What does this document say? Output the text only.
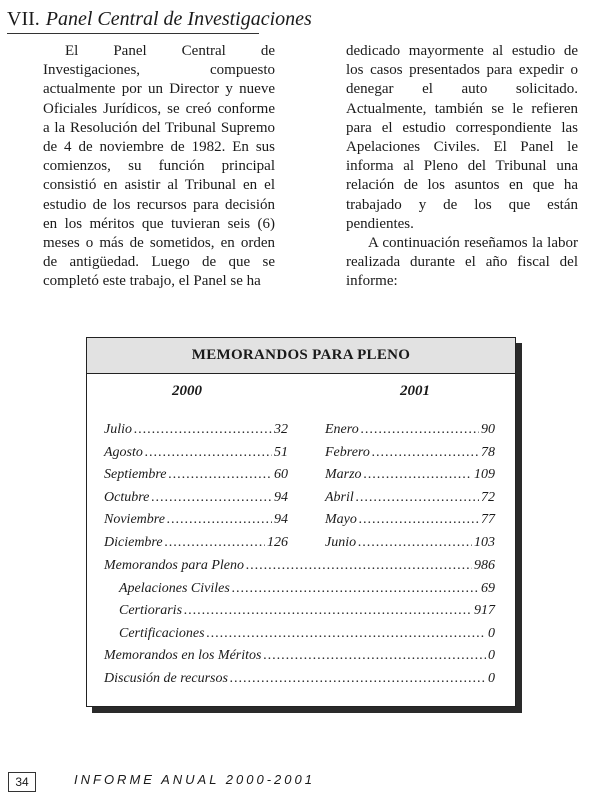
VII. Panel Central de Investigaciones

El Panel Central de Investigaciones, compuesto actualmente por un Director y nueve Oficiales Jurídicos, se creó conforme a la Resolución del Tribunal Supremo de 4 de noviembre de 1982. En sus comienzos, su función principal consistió en asistir al Tribunal en el estudio de los recursos para decisión en los méritos que tuvieran seis (6) meses o más de sometidos, en orden de antigüedad. Luego de que se completó este trabajo, el Panel se ha

dedicado mayormente al estudio de los casos presentados para expedir o denegar el auto solicitado. Actualmente, también se le refieren para el estudio correspondiente las Apelaciones Civiles. El Panel le informa al Pleno del Tribunal una relación de los asuntos en que ha trabajado y de los que están pendientes.

A continuación reseñamos la labor realizada durante el año fiscal del informe:

MEMORANDOS PARA PLENO
2000	2001
Julio .....	32
Agosto .....	51
Septiembre .....	60
Octubre .....	94
Noviembre .....	94
Diciembre .....	126
Enero .....	90
Febrero .....	78
Marzo .....	109
Abril .....	72
Mayo .....	77
Junio .....	103
Memorandos para Pleno .....	986
Apelaciones Civiles .....	69
Certioraris .....	917
Certificaciones .....	0
Memorandos en los Méritos .....	0
Discusión de recursos .....	0
34	INFORME ANUAL 2000-2001
